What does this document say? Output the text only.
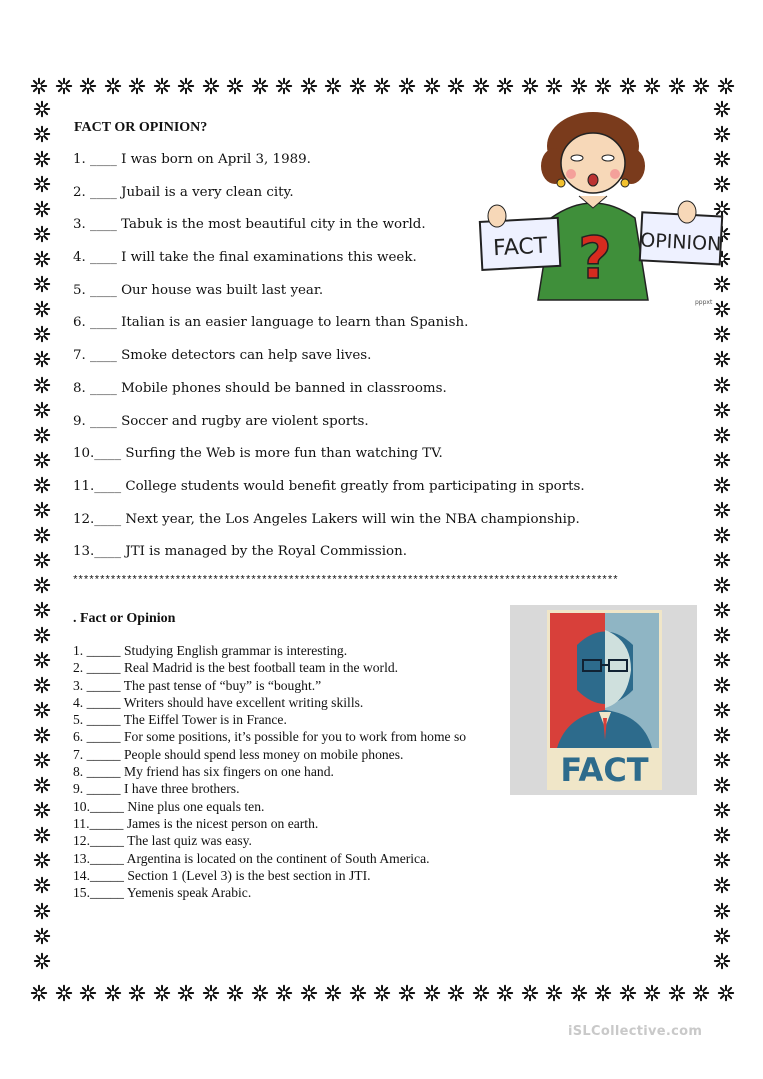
FACT OR OPINION?
1. ____ I was born on April 3, 1989.
2. ____ Jubail is a very clean city.
3. ____ Tabuk is the most beautiful city in the world.
4. ____ I will take the final examinations this week.
5. ____ Our house was built last year.
6. ____ Italian is an easier language to learn than Spanish.
7. ____ Smoke detectors can help save lives.
8. ____ Mobile phones should be banned in classrooms.
9. ____ Soccer and rugby are violent sports.
10.____ Surfing the Web is more fun than watching TV.
11.____ College students would benefit greatly from participating in sports.
12.____ Next year, the Los Angeles Lakers will win the NBA championship.
13.____ JTI is managed by the Royal Commission.
?
FACT	OPINION
pppxt
*****************************************************************************************************
. Fact or Opinion
1. _____ Studying English grammar is interesting.
2. _____ Real Madrid is the best football team in the world.
3. _____ The past tense of “buy” is “bought.”
4. _____ Writers should have excellent writing skills.
5. _____ The Eiffel Tower is in France.
6. _____ For some positions, it’s possible for you to work from home so
7. _____ People should spend less money on mobile phones.
8. _____ My friend has six fingers on one hand.
9. _____ I have three brothers.
10._____ Nine plus one equals ten.
11._____ James is the nicest person on earth.
12._____ The last quiz was easy.
13._____ Argentina is located on the continent of South America.
14._____ Section 1 (Level 3) is the best section in JTI.
15._____ Yemenis speak Arabic.
FACT
iSLCollective.com
